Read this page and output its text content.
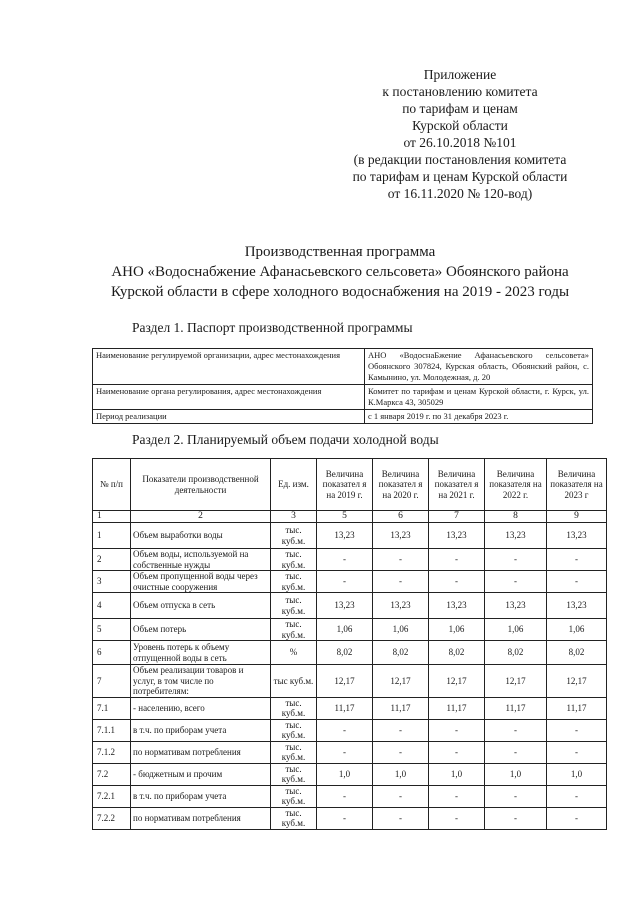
Приложение
к постановлению комитета
по тарифам и ценам
Курской области
от 26.10.2018 №101
(в редакции постановления комитета
по тарифам и ценам Курской области
от 16.11.2020 № 120-вод)
Производственная программа
АНО «Водоснабжение Афанасьевского сельсовета» Обоянского района
Курской области в сфере холодного водоснабжения на 2019 - 2023 годы
Раздел 1. Паспорт производственной программы
Наименование регулируемой организации, адрес местонахождения	АНО «ВодоснаБжение Афанасьевского сельсовета» Обоянского 307824, Курская область, Обоянский район, с. Камынино, ул. Молодежная, д. 20
Наименование органа регулирования, адрес местонахождения	Комитет по тарифам и ценам Курской области, г. Курск, ул. К.Маркса 43, 305029
Период реализации	с 1 января 2019 г. по 31 декабря 2023 г.
Раздел 2. Планируемый объем подачи холодной воды
№ п/п	Показатели производственной деятельности	Ед. изм.	Величина показател я на 2019 г.	Величина показател я на 2020 г.	Величина показател я на 2021 г.	Величина показателя на 2022 г.	Величина показателя на 2023 г
1	2	3	5	6	7	8	9
1	Объем выработки воды	тыс. куб.м.	13,23	13,23	13,23	13,23	13,23
2	Объем воды, используемой на собственные нужды	тыс. куб.м.	-	-	-	-	-
3	Объем пропущенной воды через очистные сооружения	тыс. куб.м.	-	-	-	-	-
4	Объем отпуска в сеть	тыс. куб.м.	13,23	13,23	13,23	13,23	13,23
5	Объем потерь	тыс. куб.м.	1,06	1,06	1,06	1,06	1,06
6	Уровень потерь к объему отпущенной воды в сеть	%	8,02	8,02	8,02	8,02	8,02
7	Объем реализации товаров и услуг, в том числе по потребителям:	тыс куб.м.	12,17	12,17	12,17	12,17	12,17
7.1	- населению, всего	тыс. куб.м.	11,17	11,17	11,17	11,17	11,17
7.1.1	в т.ч. по приборам учета	тыс. куб.м.	-	-	-	-	-
7.1.2	по нормативам потребления	тыс. куб.м.	-	-	-	-	-
7.2	- бюджетным и прочим	тыс. куб.м.	1,0	1,0	1,0	1,0	1,0
7.2.1	в т.ч. по приборам учета	тыс. куб.м.	-	-	-	-	-
7.2.2	по нормативам потребления	тыс. куб.м.	-	-	-	-	-
